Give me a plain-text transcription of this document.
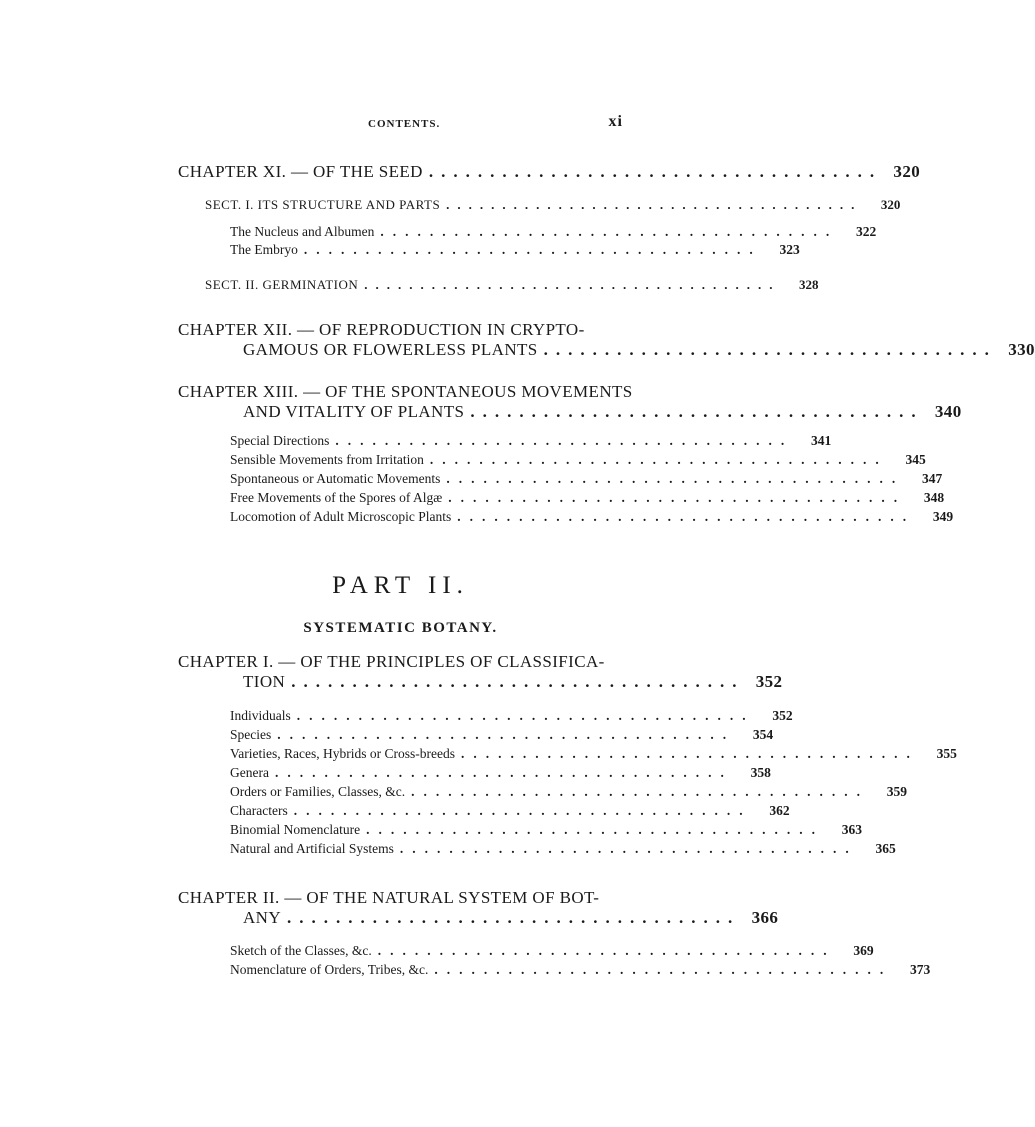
CONTENTS.	xi
CHAPTER XI. — OF THE SEED ..................................... 320
SECT. I. ITS STRUCTURE AND PARTS .....................................	320
The Nucleus and Albumen .....................................	322
The Embryo .....................................	323
SECT. II. GERMINATION .....................................	328
CHAPTER XII. — OF REPRODUCTION IN CRYPTO-
GAMOUS OR FLOWERLESS PLANTS ..................................... 330
CHAPTER XIII. — OF THE SPONTANEOUS MOVEMENTS
AND VITALITY OF PLANTS ..................................... 340
Special Directions .....................................	341
Sensible Movements from Irritation .....................................	345
Spontaneous or Automatic Movements .....................................	347
Free Movements of the Spores of Algæ .....................................	348
Locomotion of Adult Microscopic Plants .....................................	349
PART II.
SYSTEMATIC BOTANY.
CHAPTER I. — OF THE PRINCIPLES OF CLASSIFICA-
TION ..................................... 352
Individuals .....................................	352
Species .....................................	354
Varieties, Races, Hybrids or Cross-breeds .....................................	355
Genera .....................................	358
Orders or Families, Classes, &c. .....................................	359
Characters .....................................	362
Binomial Nomenclature .....................................	363
Natural and Artificial Systems .....................................	365
CHAPTER II. — OF THE NATURAL SYSTEM OF BOT-
ANY ..................................... 366
Sketch of the Classes, &c. .....................................	369
Nomenclature of Orders, Tribes, &c. .....................................	373
